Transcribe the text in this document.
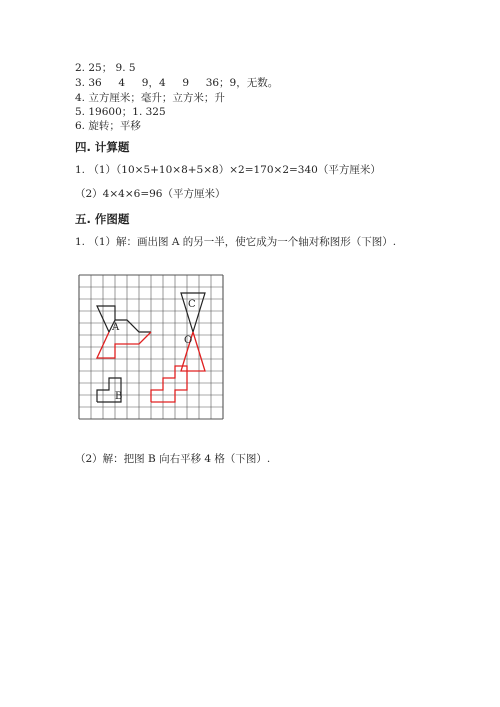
2. 25； 9. 5
3. 36     4     9，4     9     36；9，无数。
4. 立方厘米；毫升；立方米；升
5. 19600；1. 325
6. 旋转；平移
四. 计算题
1. （1）（10×5+10×8+5×8）×2=170×2=340（平方厘米）
（2）4×4×6=96（平方厘米）
五. 作图题
1. （1）解：画出图 A 的另一半，使它成为一个轴对称图形（下图）.
A
B
C
O
（2）解：把图 B 向右平移 4 格（下图）.
